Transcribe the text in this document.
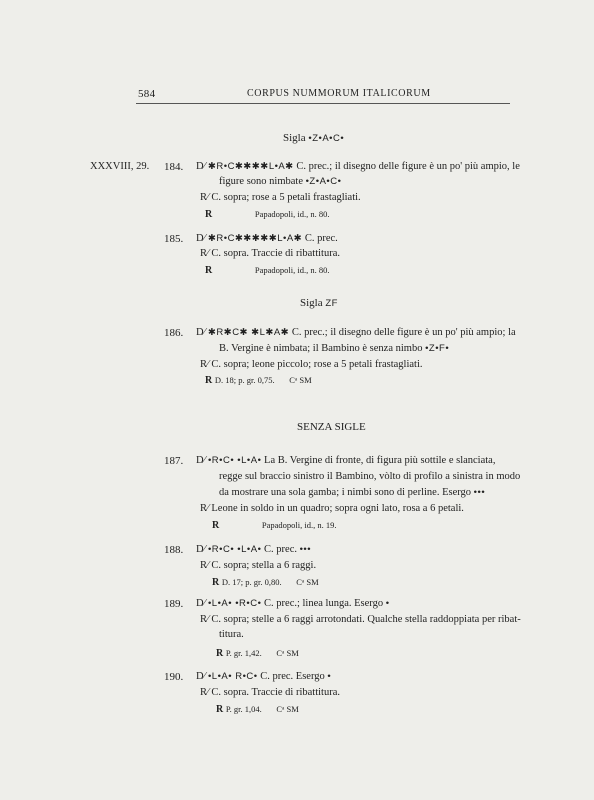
584	CORPUS NUMMORUM ITALICORUM
Sigla •Z•A•C•
XXXVIII, 29. 184. D⁄ ✱R•C✱✱✱✱L•A✱ C. prec.; il disegno delle figure è un po' più ampio, le
figure sono nimbate •Z•A•C•
R⁄ C. sopra; rose a 5 petali frastagliati.
R	Papadopoli, id., n. 80.
185. D⁄ ✱R•C✱✱✱✱✱L•A✱ C. prec.
R⁄ C. sopra. Traccie di ribattitura.
R	Papadopoli, id., n. 80.
Sigla ZF
186. D⁄ ✱R✱C✱ ✱L✱A✱ C. prec.; il disegno delle figure è un po' più ampio; la
B. Vergine è nimbata; il Bambino è senza nimbo •Z•F•
R⁄ C. sopra; leone piccolo; rose a 5 petali frastagliati.
R D. 18; p. gr. 0,75. Cᵃ SM
SENZA SIGLE
187. D⁄ •R•C• •L•A• La B. Vergine di fronte, di figura più sottile e slanciata,
regge sul braccio sinistro il Bambino, vòlto di profilo a sinistra in modo
da mostrare una sola gamba; i nimbi sono di perline. Esergo •••
R⁄ Leone in soldo in un quadro; sopra ogni lato, rosa a 6 petali.
R	Papadopoli, id., n. 19.
188. D⁄ •R•C• •L•A• C. prec. •••
R⁄ C. sopra; stella a 6 raggi.
R D. 17; p. gr. 0,80. Cᵃ SM
189. D⁄ •L•A• •R•C• C. prec.; linea lunga. Esergo •
R⁄ C. sopra; stelle a 6 raggi arrotondati. Qualche stella raddoppiata per ribat-
titura.
R P. gr. 1,42. Cᵃ SM
190. D⁄ •L•A• R•C• C. prec. Esergo •
R⁄ C. sopra. Traccie di ribattitura.
R P. gr. 1,04. Cᵃ SM
